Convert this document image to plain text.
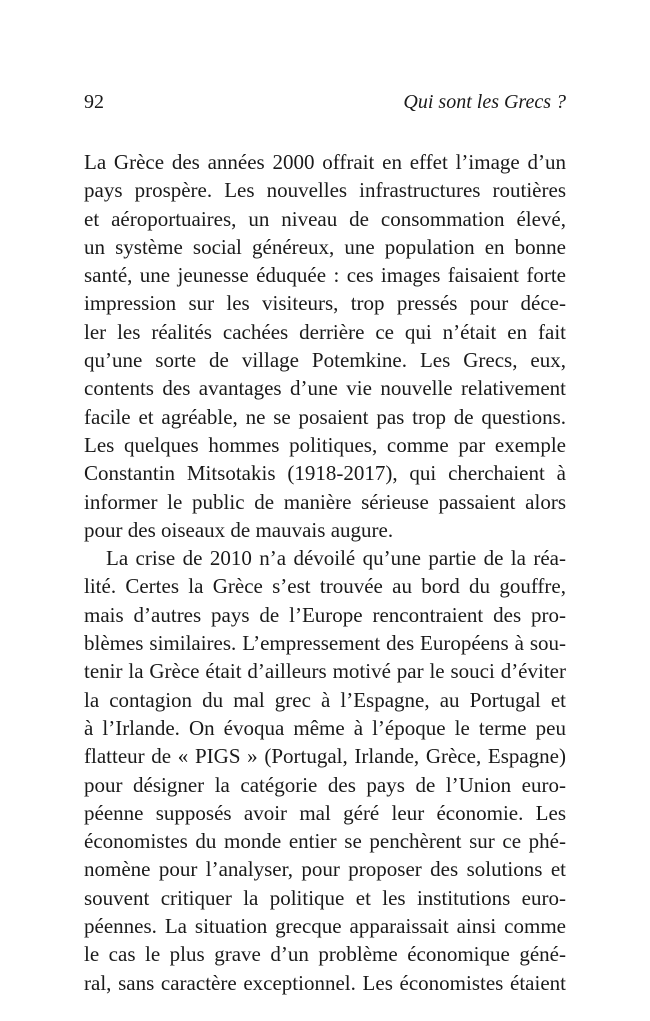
92	Qui sont les Grecs ?
La Grèce des années 2000 offrait en effet l’image d’un
pays prospère. Les nouvelles infrastructures routières
et aéroportuaires, un niveau de consommation élevé,
un système social généreux, une population en bonne
santé, une jeunesse éduquée : ces images faisaient forte
impression sur les visiteurs, trop pressés pour déce-
ler les réalités cachées derrière ce qui n’était en fait
qu’une sorte de village Potemkine. Les Grecs, eux,
contents des avantages d’une vie nouvelle relativement
facile et agréable, ne se posaient pas trop de questions.
Les quelques hommes politiques, comme par exemple
Constantin Mitsotakis (1918-2017), qui cherchaient à
informer le public de manière sérieuse passaient alors
pour des oiseaux de mauvais augure.
La crise de 2010 n’a dévoilé qu’une partie de la réa-
lité. Certes la Grèce s’est trouvée au bord du gouffre,
mais d’autres pays de l’Europe rencontraient des pro-
blèmes similaires. L’empressement des Européens à sou-
tenir la Grèce était d’ailleurs motivé par le souci d’éviter
la contagion du mal grec à l’Espagne, au Portugal et
à l’Irlande. On évoqua même à l’époque le terme peu
flatteur de « PIGS » (Portugal, Irlande, Grèce, Espagne)
pour désigner la catégorie des pays de l’Union euro-
péenne supposés avoir mal géré leur économie. Les
économistes du monde entier se penchèrent sur ce phé-
nomène pour l’analyser, pour proposer des solutions et
souvent critiquer la politique et les institutions euro-
péennes. La situation grecque apparaissait ainsi comme
le cas le plus grave d’un problème économique géné-
ral, sans caractère exceptionnel. Les économistes étaient
